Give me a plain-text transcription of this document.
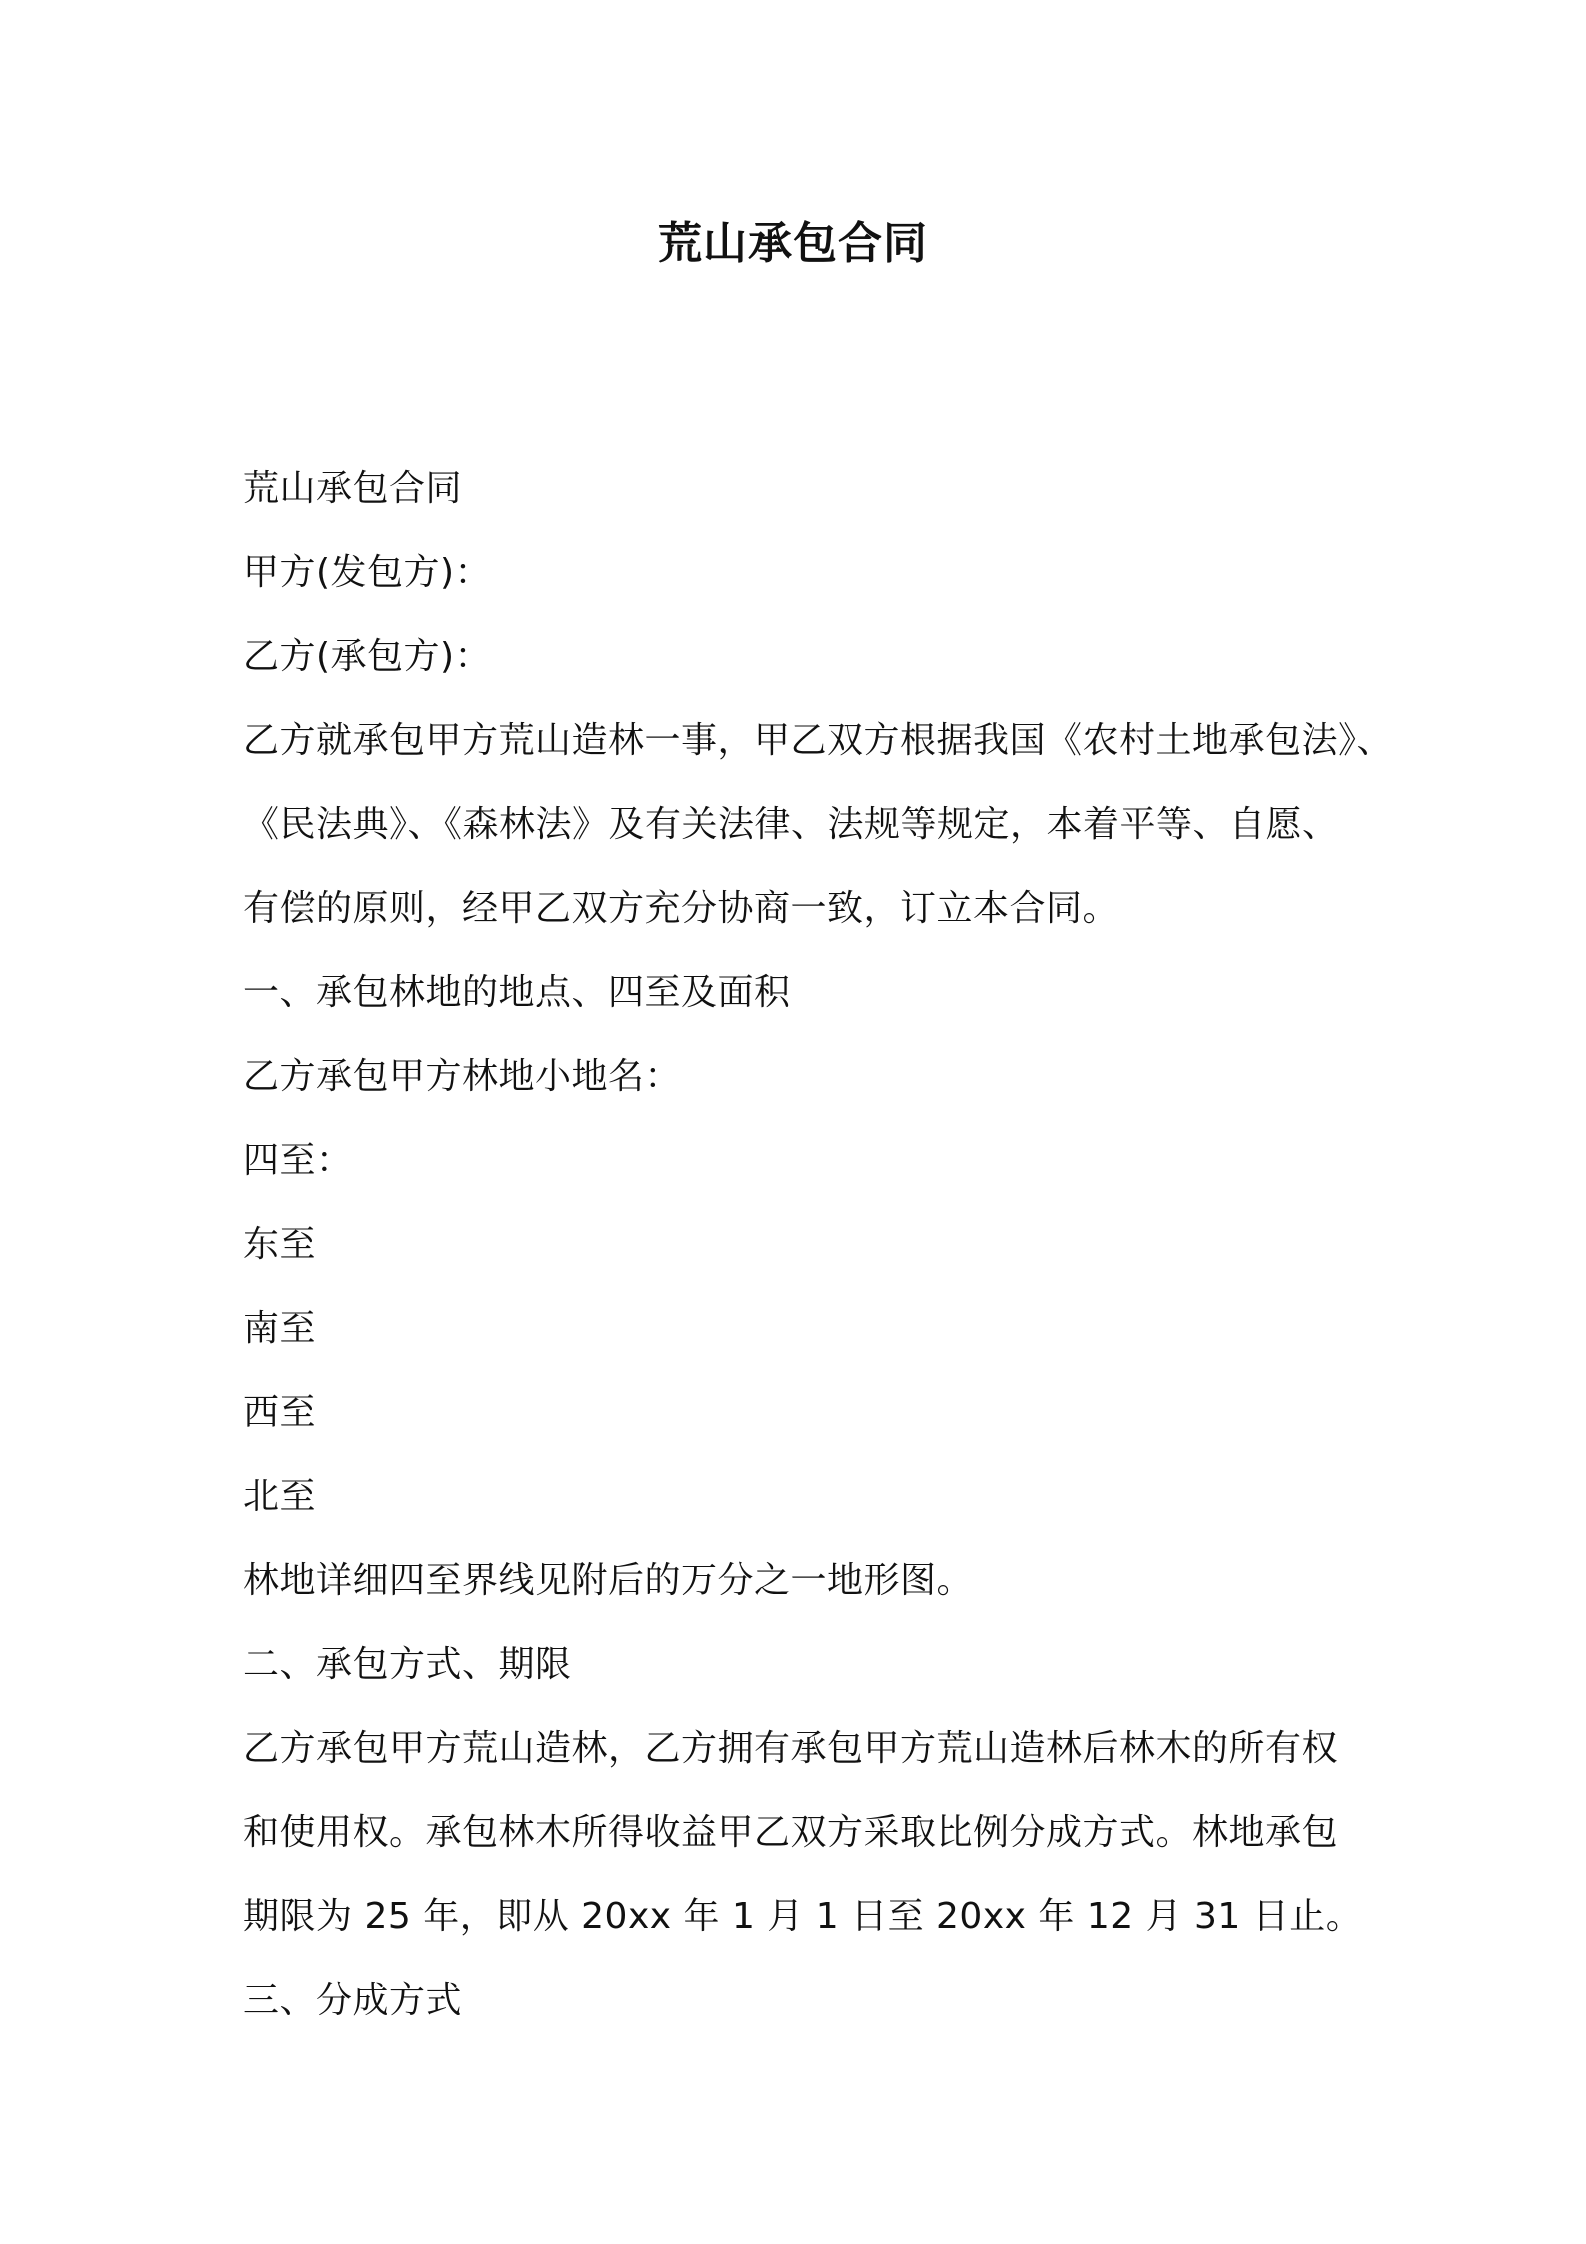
荒山承包合同
荒山承包合同
甲方(发包方)：
乙方(承包方)：
乙方就承包甲方荒山造林一事，甲乙双方根据我国《农村土地承包法》、
《民法典》、《森林法》及有关法律、法规等规定，本着平等、自愿、
有偿的原则，经甲乙双方充分协商一致，订立本合同。
一、承包林地的地点、四至及面积
乙方承包甲方林地小地名：
四至：
东至
南至
西至
北至
林地详细四至界线见附后的万分之一地形图。
二、承包方式、期限
乙方承包甲方荒山造林，乙方拥有承包甲方荒山造林后林木的所有权
和使用权。承包林木所得收益甲乙双方采取比例分成方式。林地承包
期限为 25 年，即从 20xx 年 1 月 1 日至 20xx 年 12 月 31 日止。
三、分成方式
